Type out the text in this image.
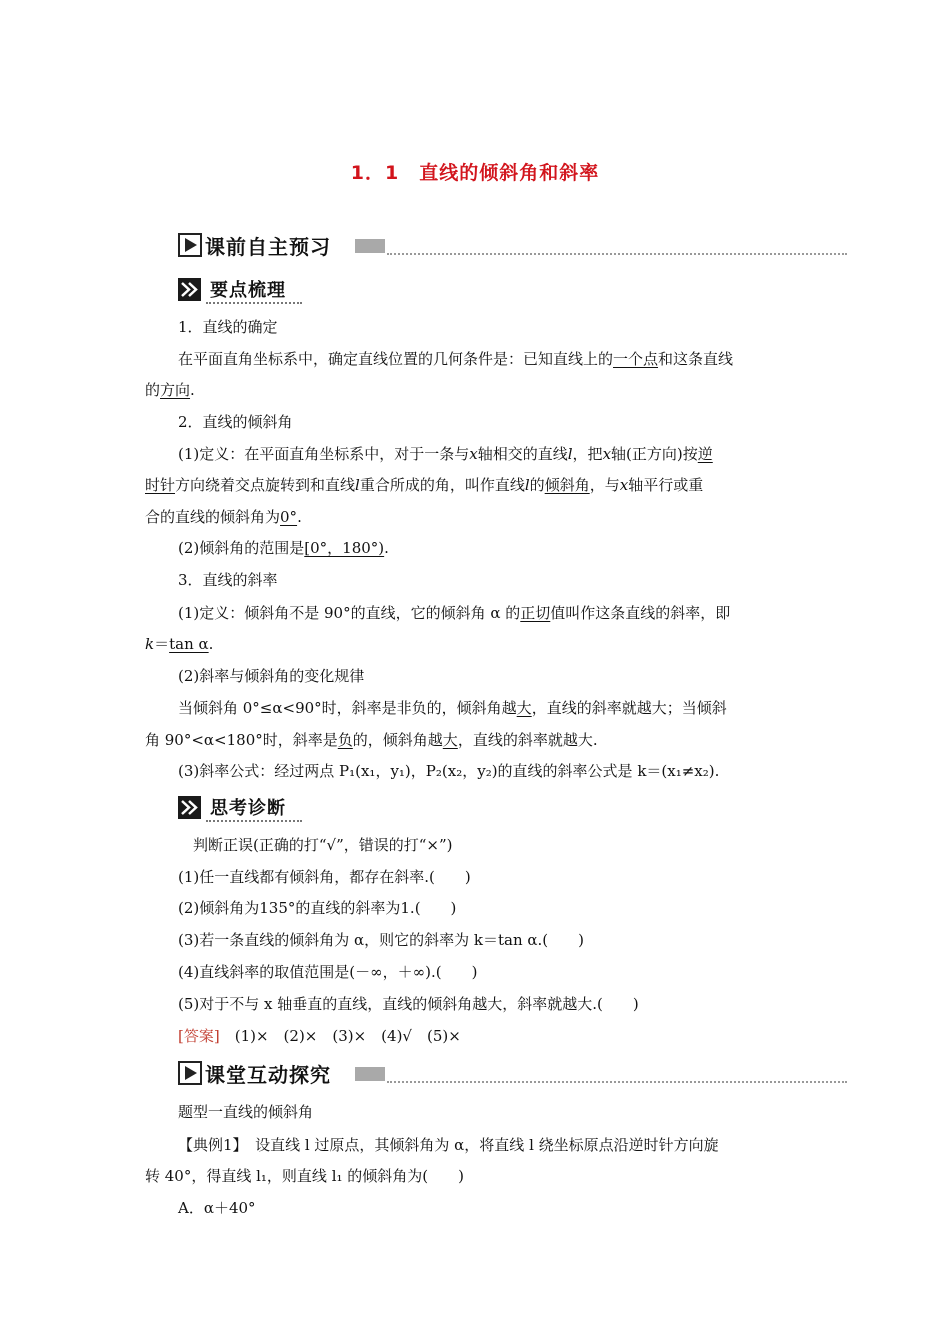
1．1　直线的倾斜角和斜率
课前自主预习
要点梳理
1．直线的确定
在平面直角坐标系中，确定直线位置的几何条件是：已知直线上的一个点和这条直线
的方向.
2．直线的倾斜角
(1)定义：在平面直角坐标系中，对于一条与x轴相交的直线l，把x轴(正方向)按逆
时针方向绕着交点旋转到和直线l重合所成的角，叫作直线l的倾斜角，与x轴平行或重
合的直线的倾斜角为0°.
(2)倾斜角的范围是[0°，180°).
3．直线的斜率
(1)定义：倾斜角不是 90°的直线，它的倾斜角 α 的正切值叫作这条直线的斜率，即
k＝tan α.
(2)斜率与倾斜角的变化规律
当倾斜角 0°≤α<90°时，斜率是非负的，倾斜角越大，直线的斜率就越大；当倾斜
角 90°<α<180°时，斜率是负的，倾斜角越大，直线的斜率就越大.
(3)斜率公式：经过两点 P₁(x₁，y₁)，P₂(x₂，y₂)的直线的斜率公式是 k＝(x₁≠x₂).
思考诊断
判断正误(正确的打“√”，错误的打“×”)
(1)任一直线都有倾斜角，都存在斜率.(　　)
(2)倾斜角为135°的直线的斜率为1.(　　)
(3)若一条直线的倾斜角为 α，则它的斜率为 k＝tan α.(　　)
(4)直线斜率的取值范围是(－∞，＋∞).(　　)
(5)对于不与 x 轴垂直的直线，直线的倾斜角越大，斜率就越大.(　　)
[答案]　 (1)×　(2)×　(3)×　(4)√　(5)×
课堂互动探究
题型一直线的倾斜角
【典例1】　 设直线 l 过原点，其倾斜角为 α，将直线 l 绕坐标原点沿逆时针方向旋
转 40°，得直线 l₁，则直线 l₁ 的倾斜角为(　　)
A．α＋40°
